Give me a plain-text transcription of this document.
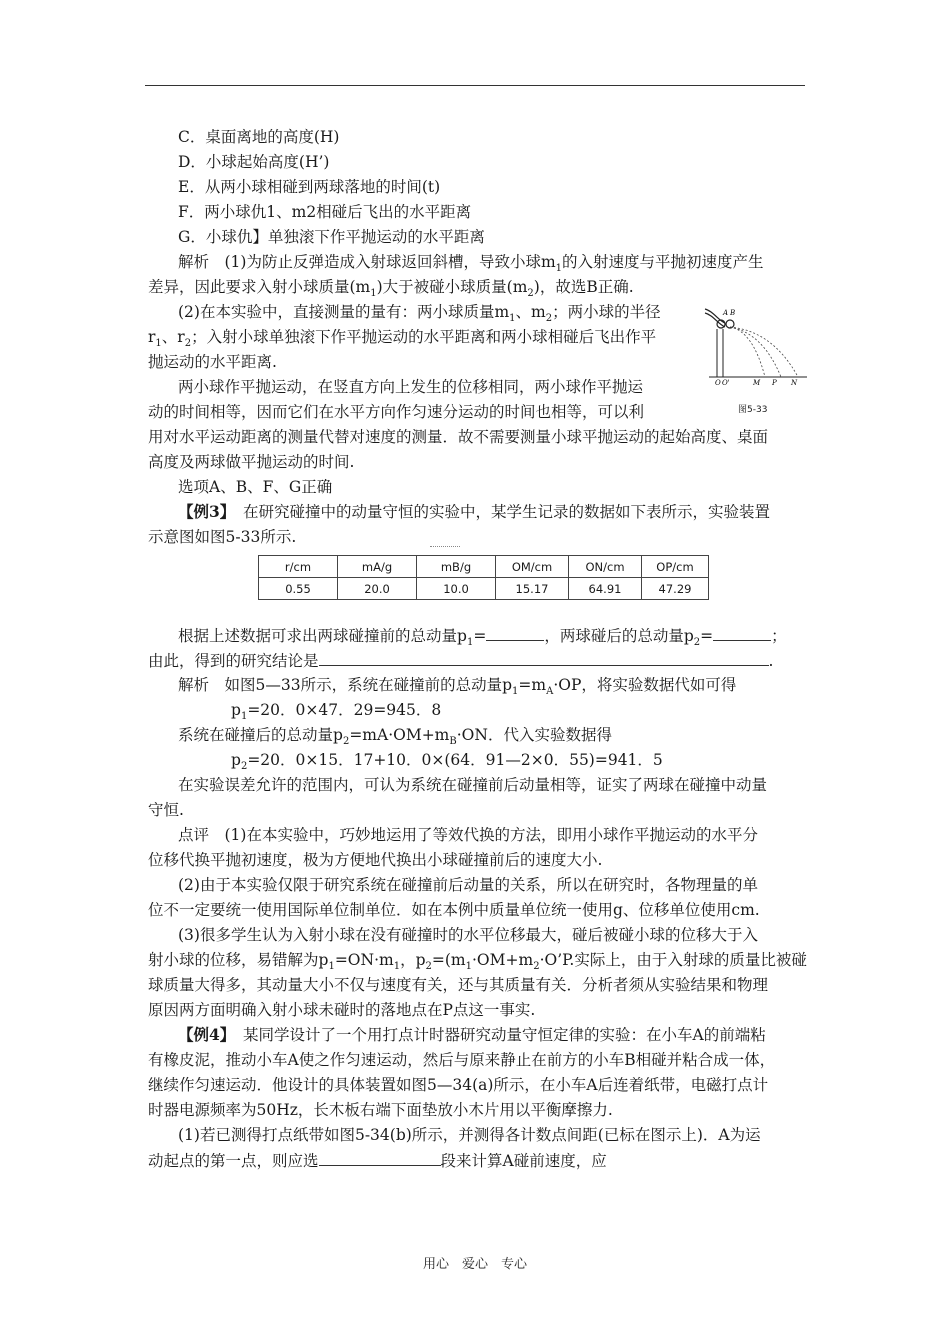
C．桌面离地的高度(H)
D．小球起始高度(H’)
E．从两小球相碰到两球落地的时间(t)
F．两小球仇1、m2相碰后飞出的水平距离
G．小球仇】单独滚下作平抛运动的水平距离
解析　(1)为防止反弹造成入射球返回斜槽，导致小球$m_1$的入射速度与平抛初速度产生
差异，因此要求入射小球质量$(m_1)$大于被碰小球质量$(m_2)$，故选B正确.
(2)在本实验中，直接测量的量有：两小球质量$m_1$、$m_2$；两小球的半径
$r_1$、$r_2$；入射小球单独滚下作平抛运动的水平距离和两小球相碰后飞出作平
抛运动的水平距离.
两小球作平抛运动，在竖直方向上发生的位移相同，两小球作平抛运
动的时间相等，因而它们在水平方向作匀速分运动的时间也相等，可以利
用对水平运动距离的测量代替对速度的测量．故不需要测量小球平抛运动的起始高度、桌面
高度及两球做平抛运动的时间.
选项A、B、F、G正确
A B
O O'	M P N
图5-33
【例3】　在研究碰撞中的动量守恒的实验中，某学生记录的数据如下表所示，实验装置
示意图如图5-33所示.
r/cm	mA/g	mB/g	OM/cm	ON/cm	OP/cm
0.55	20.0	10.0	15.17	64.91	47.29
根据上述数据可求出两球碰撞前的总动量$p_1=$	，两球碰后的总动量$p_2=$	；
由此，得到的研究结论是	.
解析　如图5—33所示，系统在碰撞前的总动量$p_1=m_A\cdot OP$，将实验数据代如可得
$p_1=20$．0×47．29=945．8
系统在碰撞后的总动量$p_2=mA\cdot OM+m_B\cdot ON$．代入实验数据得
$p_2=20$．0×15．17+10．0×(64．91—2×0．55)=941．5
在实验误差允许的范围内，可认为系统在碰撞前后动量相等，证实了两球在碰撞中动量
守恒.
点评　(1)在本实验中，巧妙地运用了等效代换的方法，即用小球作平抛运动的水平分
位移代换平抛初速度，极为方便地代换出小球碰撞前后的速度大小.
(2)由于本实验仅限于研究系统在碰撞前后动量的关系，所以在研究时，各物理量的单
位不一定要统一使用国际单位制单位．如在本例中质量单位统一使用g、位移单位使用cm.
(3)很多学生认为入射小球在没有碰撞时的水平位移最大，碰后被碰小球的位移大于入
射小球的位移，易错解为$p_1=ON\cdot m_1$，$p_2=(m_1\cdot OM+m_2\cdot O’P$.实际上，由于入射球的质量比被碰
球质量大得多，其动量大小不仅与速度有关，还与其质量有关．分析者须从实验结果和物理
原因两方面明确入射小球未碰时的落地点在P点这一事实.
【例4】　某同学设计了一个用打点计时器研究动量守恒定律的实验：在小车A的前端粘
有橡皮泥，推动小车A使之作匀速运动，然后与原来静止在前方的小车B相碰并粘合成一体，
继续作匀速运动．他设计的具体装置如图5—34(a)所示，在小车A后连着纸带，电磁打点计
时器电源频率为50Hz，长木板右端下面垫放小木片用以平衡摩擦力.
(1)若已测得打点纸带如图5-34(b)所示，并测得各计数点间距(已标在图示上)．A为运
动起点的第一点，则应选	段来计算A碰前速度，应
用心　爱心　专心
